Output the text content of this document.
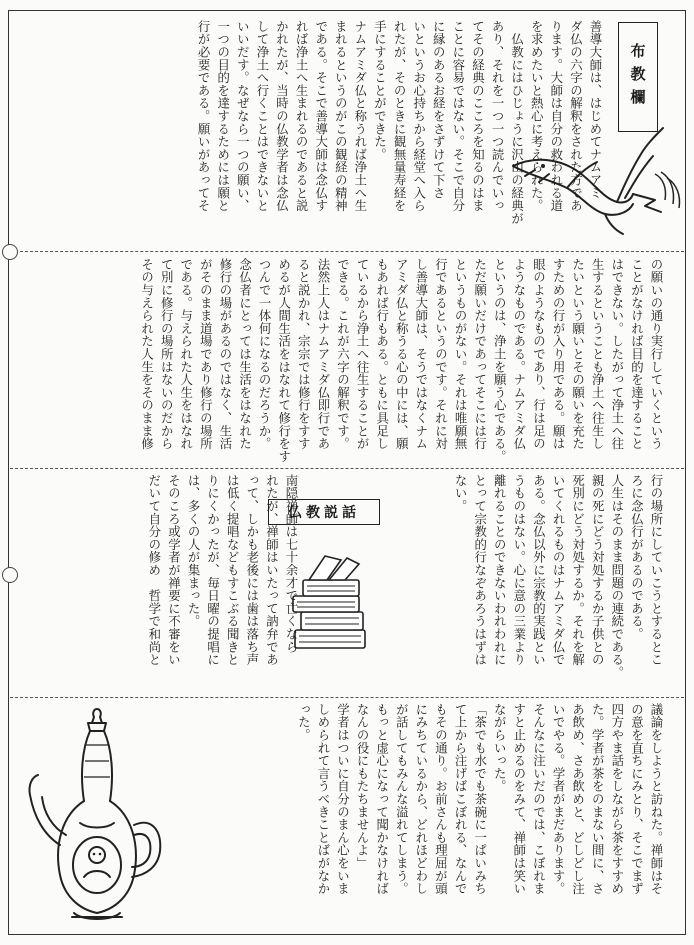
布教欄
善導大師は、はじめてナムアミ
ダ仏の六字の解釈をされた方であ
ります。大師は自分の救われる道
を求めたいと熱心に考えられた。
　仏教にはひじょうに沢山の経典が
あり、それを一つ一つ読んでいっ
てその経典のこころを知るのはま
ことに容易ではない。そこで自分
に縁のあるお経をさずけて下さ
いというお心持ちから経堂へ入ら
れたが、そのときに観無量寿経を
手にすることができた。
ナムアミダ仏と称うれば浄土へ生
まれるというのがこの観経の精神
である。そこで善導大師は念仏す
れば浄土へ生まれるのであると説
かれたが、当時の仏教学者は念仏
して浄土へ行くことはできないと
いいだす。なぜなら一つの願い、
一つの目的を達するためには願と
行が必要である。願いがあってそ
の願いの通り実行していくという
ことがなければ目的を達すること
はできない。したがって浄土へ往
生するということも浄土へ往生し
たいという願いとその願いを充た
すための行が入り用である。願は
眼のようなものであり、行は足の
ようなものである。ナムアミダ仏
というのは、浄土を願う心である。
ただ願いだけであってそこには行
というものがない。それは唯願無
行であるというのです。それに対
し善導大師は、そうではなくナム
アミダ仏と称うる心の中には、願
もあれば行もある。ともに具足し
ているから浄土へ往生することが
できる。これが六字の解釈です。
法然上人はナムアミダ仏即行であ
ると説かれ、宗宗では修行をすす
めるが人間生活をはなれて修行をす
つんで一体何になるのだろうか。
念仏者にとっては生活をはなれた
修行の場があるのではなく、生活
がそのまま道場であり修行の場所
である。与えられた人生をはなれ
て別に修行の場所はないのだから
その与えられた人生をそのまま修
行の場所にしていこうとするとこ
ろに念仏行があるのである。
人生はそのまま問題の連続である。
親の死にどう対処するか子供との
死別にどう対処するか。それを解
いてくれるものはナムアミダ仏で
ある。念仏以外に宗教的実践とい
うものはない。心に意の三業より
離れることのできないわれわれに
とって宗教的行なぞあろうはずは
ない。
仏教説話
南隠禅師は七十余才で亡くなら
れたが、禅師はいたって訥弁であ
って、しかも老後には歯は落ち声
は低く提唱などもすこぶる聞きと
りにくかったが、毎日曜の提唱に
は、多くの人が集まった。
そのころ或学者が禅要に不審をい
だいて自分の修め　哲学で和尚と
議論をしようと訪ねた。禅師はそ
の意を直ちにみとり、そこでまず
四方やま話をしながら茶をすすめ
た。学者が茶をのまない間に、さ
あ飲め、さあ飲めと、どしどし注
いでやる。学者がまだあります。
そんなに注いだのでは、こぼれま
すと止めるのをみて、禅師は笑い
ながらいった。
「茶でも水でも茶碗に一ぱいみち
て上から注げばこぼれる、なんで
もその通り。お前さんも理屈が頭
にみちているから、どれほどわし
が話してもみんな溢れてしまう。
もっと虚心になって聞かなければ
なんの役にもたちませんよ」
学者はついに自分のまん心をいま
しめられて言うべきことばがなか
った。
